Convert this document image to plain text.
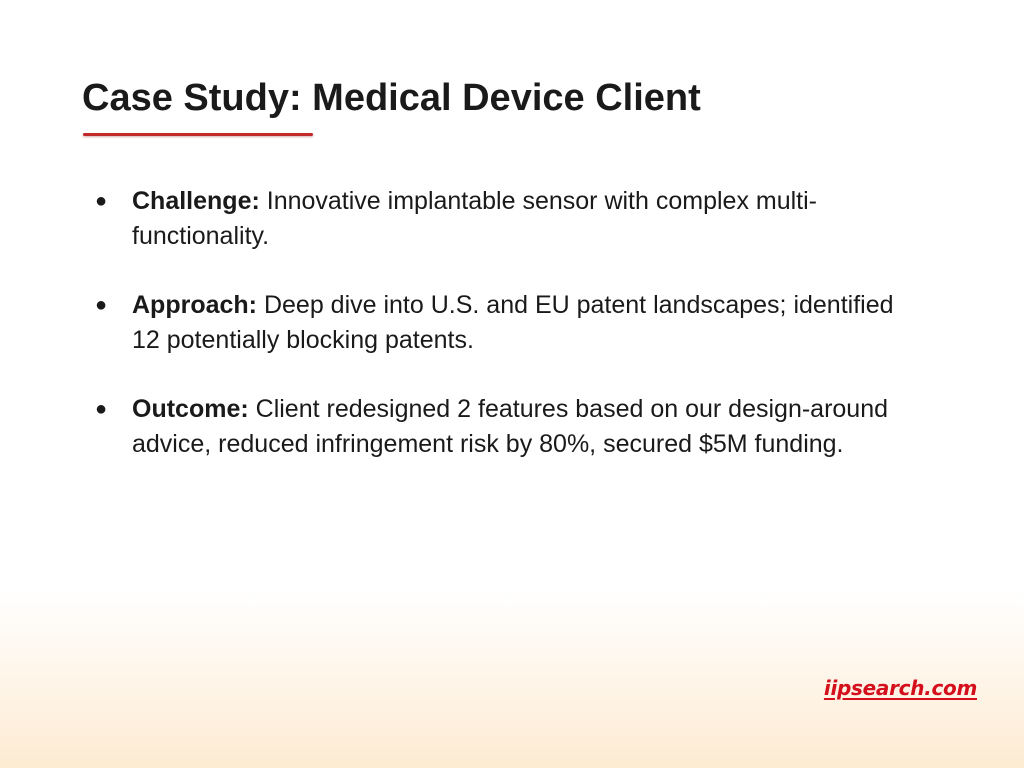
Case Study: Medical Device Client
● Challenge: Innovative implantable sensor with complex multi-functionality.
● Approach: Deep dive into U.S. and EU patent landscapes; identified 12 potentially blocking patents.
● Outcome: Client redesigned 2 features based on our design-around advice, reduced infringement risk by 80%, secured $5M funding.
iipsearch.com
